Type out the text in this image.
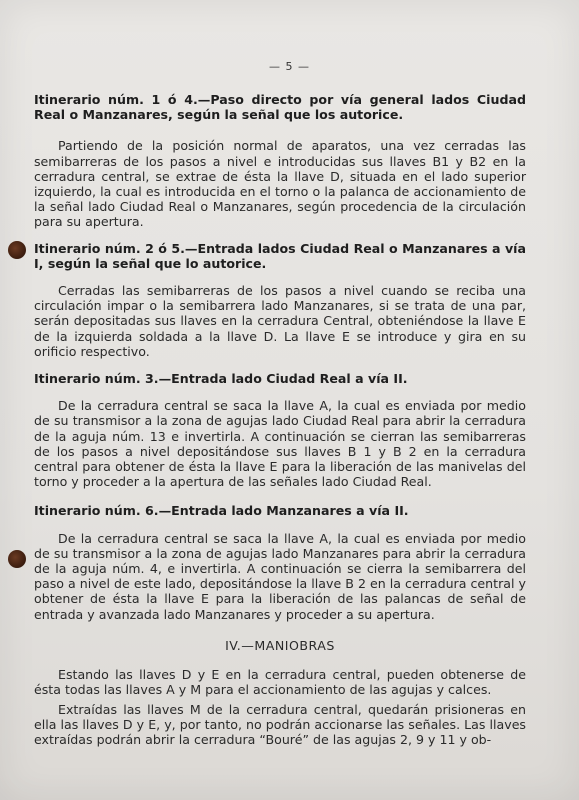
— 5 —

Itinerario núm. 1 ó 4.—Paso directo por vía general lados Ciudad Real o Manzanares, según la señal que los autorice.

Partiendo de la posición normal de aparatos, una vez cerradas las semibarreras de los pasos a nivel e introducidas sus llaves B1 y B2 en la cerradura central, se extrae de ésta la llave D, situada en el lado superior izquierdo, la cual es introducida en el torno o la palanca de accionamiento de la señal lado Ciudad Real o Manzanares, según procedencia de la circulación para su apertura.

Itinerario núm. 2 ó 5.—Entrada lados Ciudad Real o Manzanares a vía I, según la señal que lo autorice.

Cerradas las semibarreras de los pasos a nivel cuando se reciba una circulación impar o la semibarrera lado Manzanares, si se trata de una par, serán depositadas sus llaves en la cerradura Central, obteniéndose la llave E de la izquierda soldada a la llave D. La llave E se introduce y gira en su orificio respectivo.

Itinerario núm. 3.—Entrada lado Ciudad Real a vía II.

De la cerradura central se saca la llave A, la cual es enviada por medio de su transmisor a la zona de agujas lado Ciudad Real para abrir la cerradura de la aguja núm. 13 e invertirla. A continuación se cierran las semibarreras de los pasos a nivel depositándose sus llaves B 1 y B 2 en la cerradura central para obtener de ésta la llave E para la liberación de las manivelas del torno y proceder a la apertura de las señales lado Ciudad Real.

Itinerario núm. 6.—Entrada lado Manzanares a vía II.

De la cerradura central se saca la llave A, la cual es enviada por medio de su transmisor a la zona de agujas lado Manzanares para abrir la cerradura de la aguja núm. 4, e invertirla. A continuación se cierra la semibarrera del paso a nivel de este lado, depositándose la llave B 2 en la cerradura central y obtener de ésta la llave E para la liberación de las palancas de señal de entrada y avanzada lado Manzanares y proceder a su apertura.

IV.—MANIOBRAS

Estando las llaves D y E en la cerradura central, pueden obtenerse de ésta todas las llaves A y M para el accionamiento de las agujas y calces.

Extraídas las llaves M de la cerradura central, quedarán prisioneras en ella las llaves D y E, y, por tanto, no podrán accionarse las señales. Las llaves extraídas podrán abrir la cerradura “Bouré” de las agujas 2, 9 y 11 y ob-
